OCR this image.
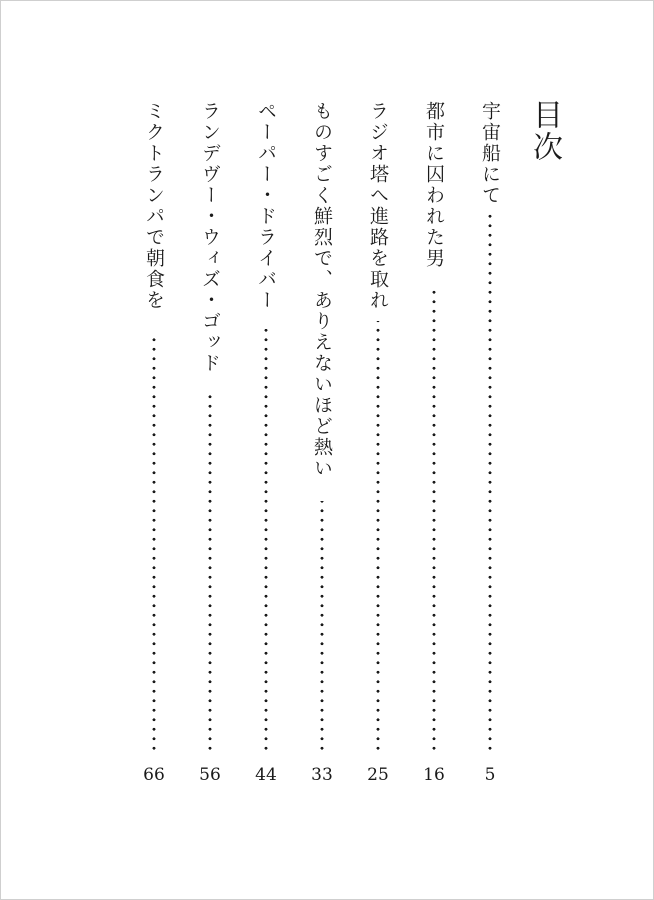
目次
宇宙船にて
5
都市に囚われた男
16
ラジオ塔へ進路を取れ
25
ものすごく鮮烈で、ありえないほど熱い
33
ペーパー・ドライバー
44
ランデヴー・ウィズ・ゴッド
56
ミクトランパで朝食を
66
